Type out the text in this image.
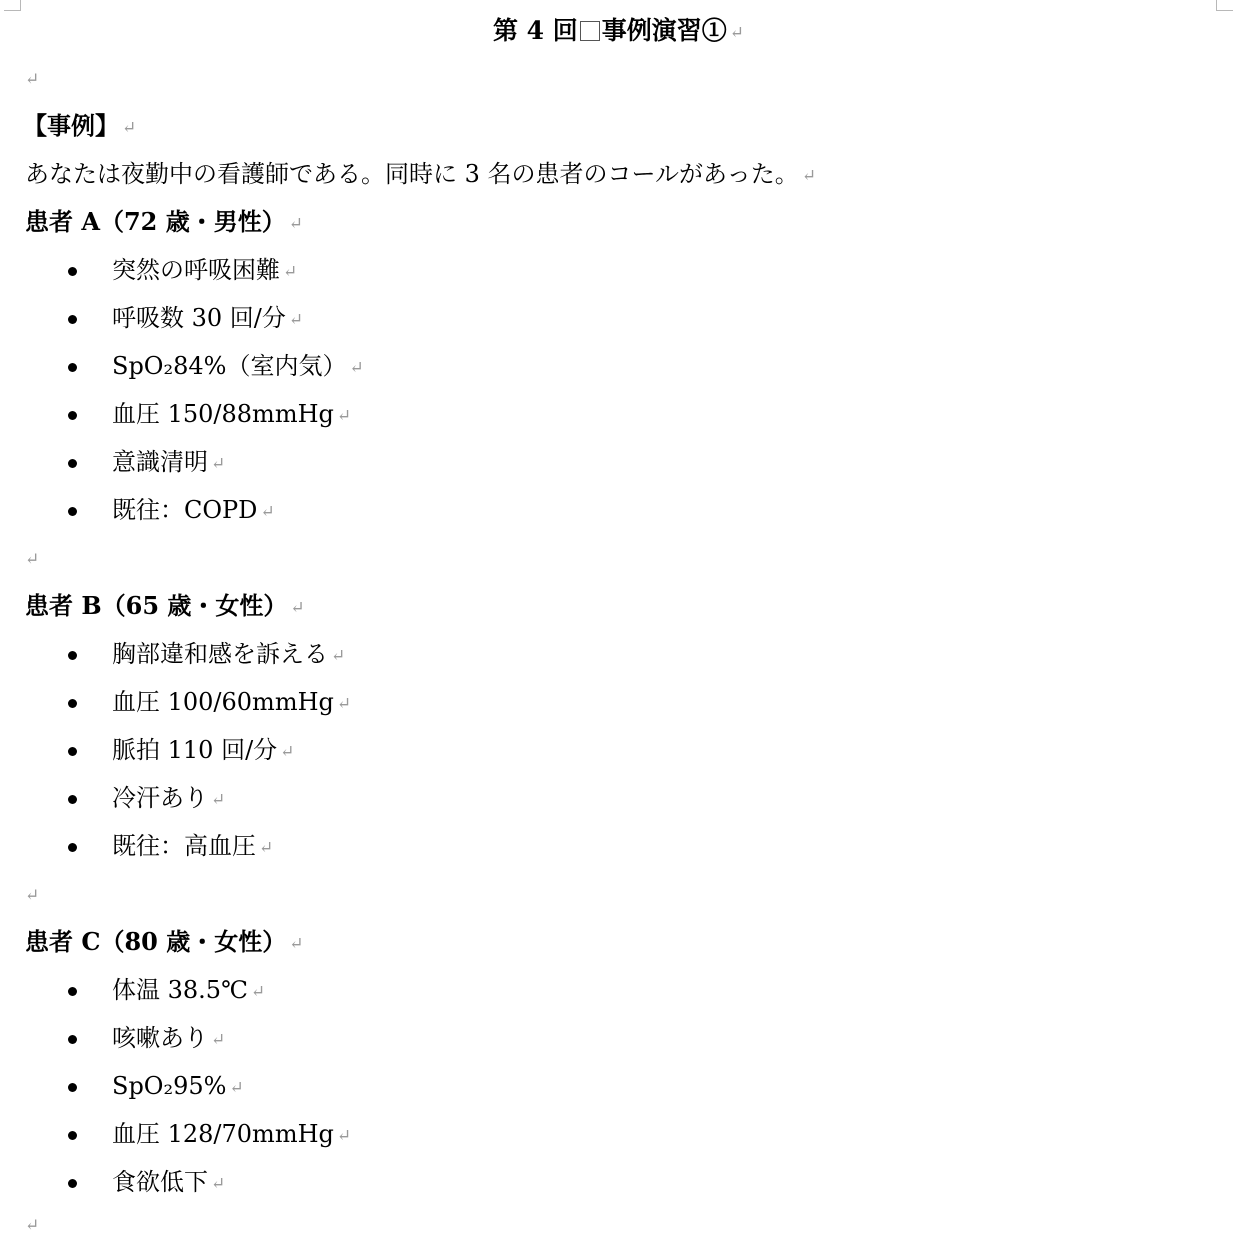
第 4 回 事例演習① ↵
↵
【事例】 ↵
あなたは夜勤中の看護師である。同時に 3 名の患者のコールがあった。 ↵
患者 A（72 歳・男性） ↵
突然の呼吸困難 ↵
呼吸数 30 回/分 ↵
SpO₂84%（室内気） ↵
血圧 150/88mmHg ↵
意識清明 ↵
既往：COPD ↵
↵
患者 B（65 歳・女性） ↵
胸部違和感を訴える ↵
血圧 100/60mmHg ↵
脈拍 110 回/分 ↵
冷汗あり ↵
既往：高血圧 ↵
↵
患者 C（80 歳・女性） ↵
体温 38.5℃ ↵
咳嗽あり ↵
SpO₂95% ↵
血圧 128/70mmHg ↵
食欲低下 ↵
↵
